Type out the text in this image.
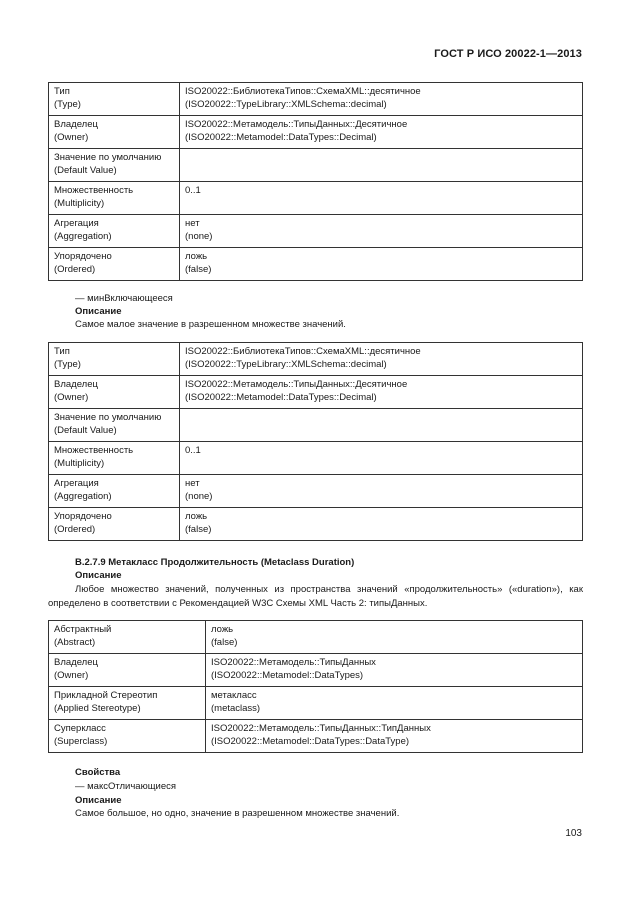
ГОСТ Р ИСО 20022-1—2013
Тип
(Type)	ISO20022::БиблиотекаТипов::СхемаXML::десятичное
(ISO20022::TypeLibrary::XMLSchema::decimal)

Владелец
(Owner)	ISO20022::Метамодель::ТипыДанных::Десятичное
(ISO20022::Metamodel::DataTypes::Decimal)

Значение по умолчанию
(Default Value)	

Множественность
(Multiplicity)	0..1

Агрегация
(Aggregation)	нет
(none)

Упорядочено
(Ordered)	ложь
(false)
— минВключающееся
Описание
Самое малое значение в разрешенном множестве значений.
Тип
(Type)	ISO20022::БиблиотекаТипов::СхемаXML::десятичное
(ISO20022::TypeLibrary::XMLSchema::decimal)

Владелец
(Owner)	ISO20022::Метамодель::ТипыДанных::Десятичное
(ISO20022::Metamodel::DataTypes::Decimal)

Значение по умолчанию
(Default Value)	

Множественность
(Multiplicity)	0..1

Агрегация
(Aggregation)	нет
(none)

Упорядочено
(Ordered)	ложь
(false)
В.2.7.9 Метакласс Продолжительность (Metaclass Duration)
Описание
Любое множество значений, полученных из пространства значений «продолжительность» («duration»), как определено в соответствии с Рекомендацией W3C Схемы XML Часть 2: типыДанных.
Абстрактный
(Abstract)	ложь
(false)

Владелец
(Owner)	ISO20022::Метамодель::ТипыДанных
(ISO20022::Metamodel::DataTypes)

Прикладной Стереотип
(Applied Stereotype)	метакласс
(metaclass)

Суперкласс
(Superclass)	ISO20022::Метамодель::ТипыДанных::ТипДанных
(ISO20022::Metamodel::DataTypes::DataType)
Свойства
— максОтличающиеся
Описание
Самое большое, но одно, значение в разрешенном множестве значений.
103
